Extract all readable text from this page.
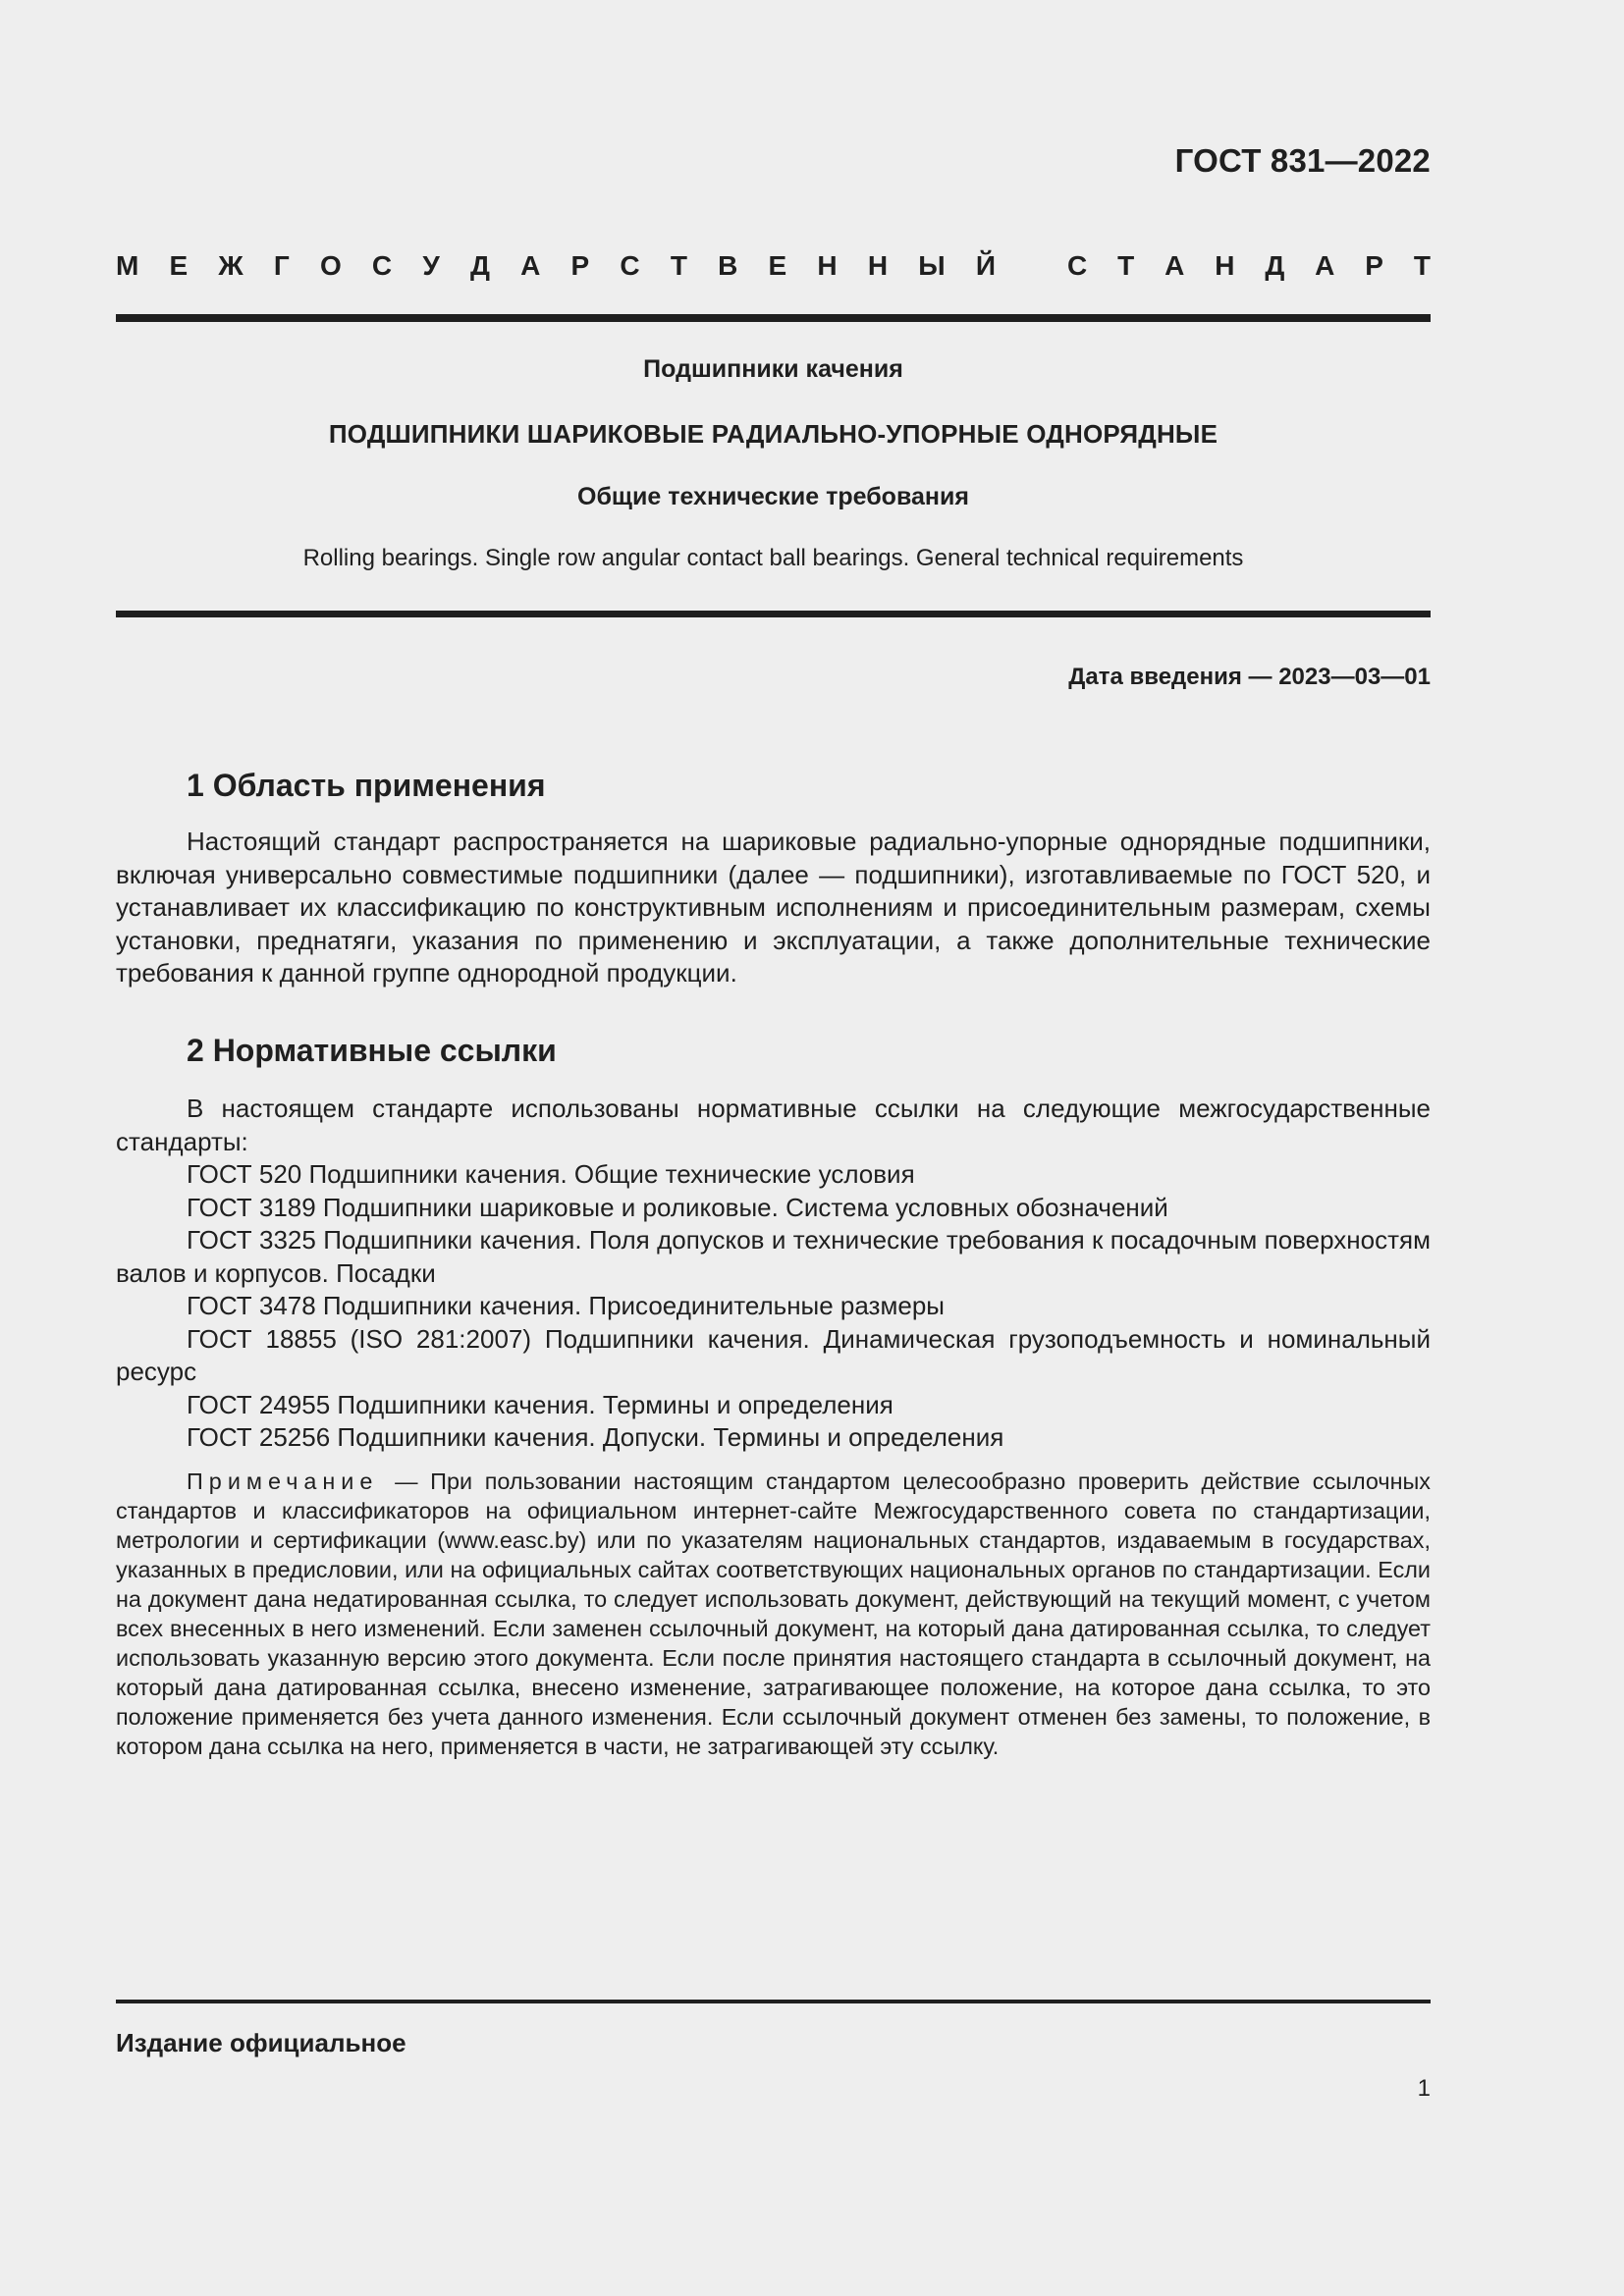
ГОСТ 831—2022
М Е Ж Г О С У Д А Р С Т В Е Н Н Ы Й	С Т А Н Д А Р Т
Подшипники качения
ПОДШИПНИКИ ШАРИКОВЫЕ РАДИАЛЬНО-УПОРНЫЕ ОДНОРЯДНЫЕ
Общие технические требования
Rolling bearings. Single row angular contact ball bearings. General technical requirements
Дата введения — 2023—03—01
1 Область применения

Настоящий стандарт распространяется на шариковые радиально-упорные однорядные подшипники, включая универсально совместимые подшипники (далее — подшипники), изготавливаемые по ГОСТ 520, и устанавливает их классификацию по конструктивным исполнениям и присоединительным размерам, схемы установки, преднатяги, указания по применению и эксплуатации, а также дополнительные технические требования к данной группе однородной продукции.

2 Нормативные ссылки

В настоящем стандарте использованы нормативные ссылки на следующие межгосударственные стандарты:

ГОСТ 520 Подшипники качения. Общие технические условия
ГОСТ 3189 Подшипники шариковые и роликовые. Система условных обозначений
ГОСТ 3325 Подшипники качения. Поля допусков и технические требования к посадочным поверхностям валов и корпусов. Посадки
ГОСТ 3478 Подшипники качения. Присоединительные размеры
ГОСТ 18855 (ISO 281:2007) Подшипники качения. Динамическая грузоподъемность и номинальный ресурс
ГОСТ 24955 Подшипники качения. Термины и определения
ГОСТ 25256 Подшипники качения. Допуски. Термины и определения

Примечание — При пользовании настоящим стандартом целесообразно проверить действие ссылочных стандартов и классификаторов на официальном интернет-сайте Межгосударственного совета по стандартизации, метрологии и сертификации (www.easc.by) или по указателям национальных стандартов, издаваемым в государствах, указанных в предисловии, или на официальных сайтах соответствующих национальных органов по стандартизации. Если на документ дана недатированная ссылка, то следует использовать документ, действующий на текущий момент, с учетом всех внесенных в него изменений. Если заменен ссылочный документ, на который дана датированная ссылка, то следует использовать указанную версию этого документа. Если после принятия настоящего стандарта в ссылочный документ, на который дана датированная ссылка, внесено изменение, затрагивающее положение, на которое дана ссылка, то это положение применяется без учета данного изменения. Если ссылочный документ отменен без замены, то положение, в котором дана ссылка на него, применяется в части, не затрагивающей эту ссылку.

Издание официальное
1
